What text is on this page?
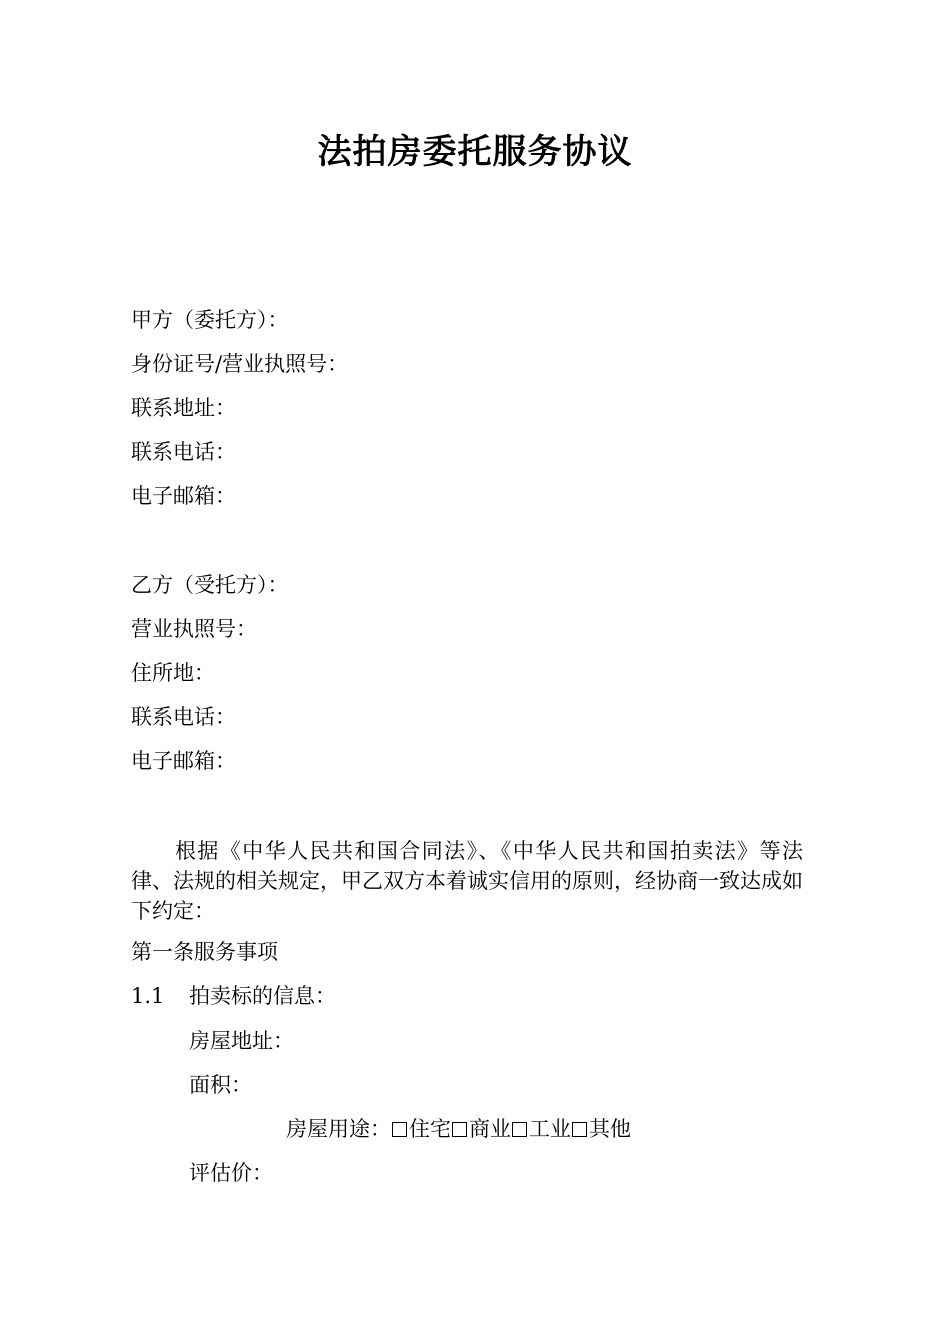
法拍房委托服务协议
甲方（委托方）：
身份证号/营业执照号：
联系地址：
联系电话：
电子邮箱：
乙方（受托方）：
营业执照号：
住所地：
联系电话：
电子邮箱：
根据《中华人民共和国合同法》、《中华人民共和国拍卖法》等法律、法规的相关规定，甲乙双方本着诚实信用的原则，经协商一致达成如下约定：
第一条服务事项
1.1 拍卖标的信息：
房屋地址：
面积：
房屋用途： 住宅 商业 工业 其他
评估价：
